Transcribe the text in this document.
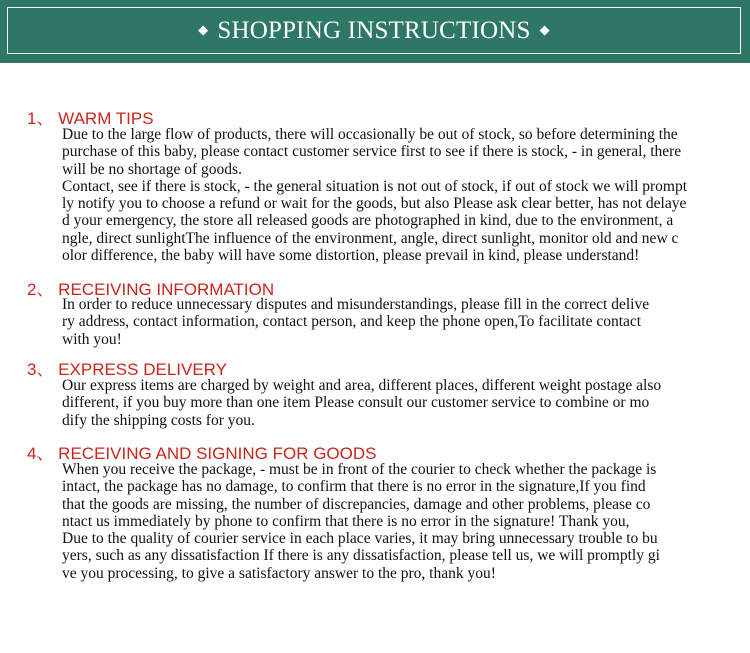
◆ SHOPPING INSTRUCTIONS ◆
1、 WARM TIPS
Due to the large flow of products, there will occasionally be out of stock, so before determining the
purchase of this baby, please contact customer service first to see if there is stock, - in general, there
will be no shortage of goods.
Contact, see if there is stock, - the general situation is not out of stock, if out of stock we will prompt
ly notify you to choose a refund or wait for the goods, but also Please ask clear better, has not delaye
d your emergency, the store all released goods are photographed in kind, due to the environment, a
ngle, direct sunlightThe influence of the environment, angle, direct sunlight, monitor old and new c
olor difference, the baby will have some distortion, please prevail in kind, please understand!
2、 RECEIVING INFORMATION
In order to reduce unnecessary disputes and misunderstandings, please fill in the correct delive
ry address, contact information, contact person, and keep the phone open,To facilitate contact
with you!
3、 EXPRESS DELIVERY
Our express items are charged by weight and area, different places, different weight postage also
different, if you buy more than one item Please consult our customer service to combine or mo
dify the shipping costs for you.
4、 RECEIVING AND SIGNING FOR GOODS
When you receive the package, - must be in front of the courier to check whether the package is
intact, the package has no damage, to confirm that there is no error in the signature,If you find
that the goods are missing, the number of discrepancies, damage and other problems, please co
ntact us immediately by phone to confirm that there is no error in the signature! Thank you,
Due to the quality of courier service in each place varies, it may bring unnecessary trouble to bu
yers, such as any dissatisfaction If there is any dissatisfaction, please tell us, we will promptly gi
ve you processing, to give a satisfactory answer to the pro, thank you!
